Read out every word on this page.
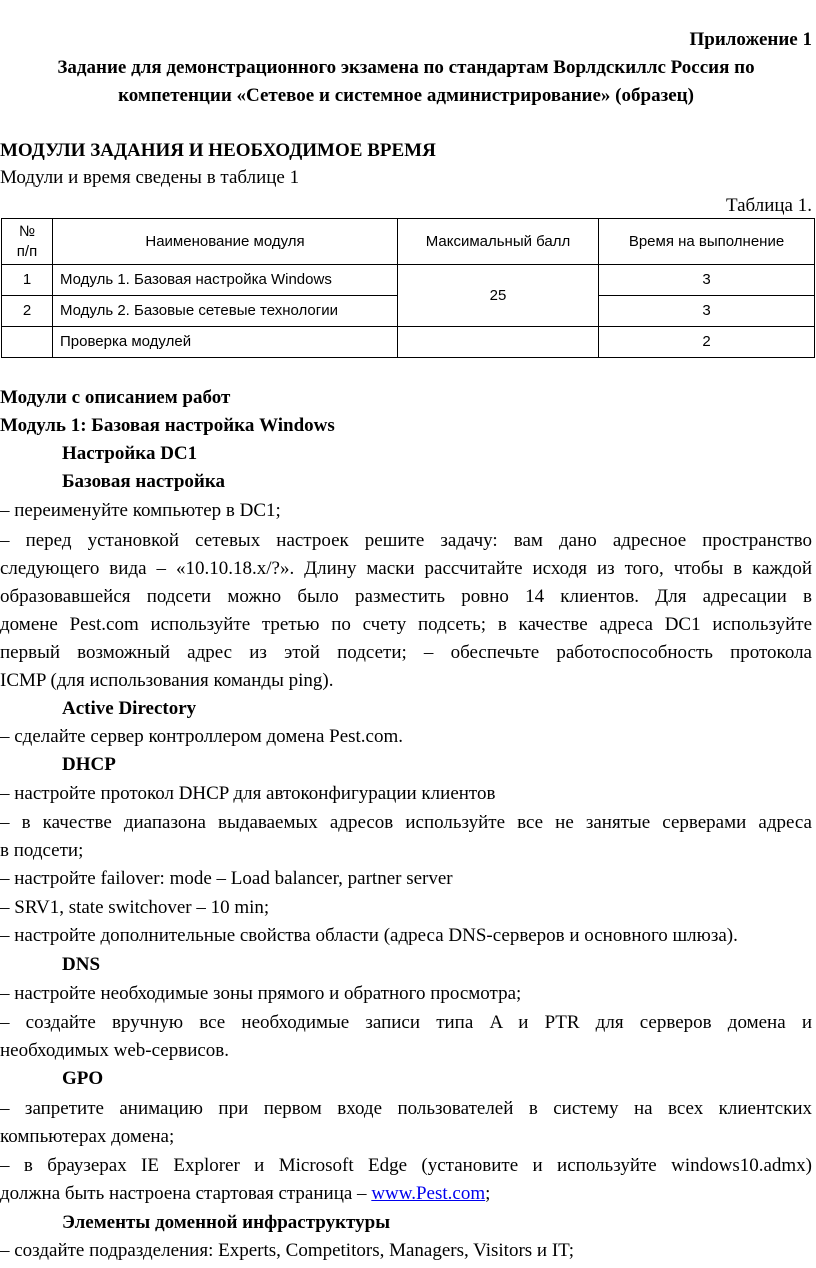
Приложение 1
Задание для демонстрационного экзамена по стандартам Ворлдскиллс Россия по
компетенции «Сетевое и системное администрирование» (образец)
МОДУЛИ ЗАДАНИЯ И НЕОБХОДИМОЕ ВРЕМЯ
Модули и время сведены в таблице 1
Таблица 1.
№
п/п	Наименование модуля	Максимальный балл	Время на выполнение
1	Модуль 1. Базовая настройка Windows	25	3
2	Модуль 2. Базовые сетевые технологии		3
	Проверка модулей		2
Модули с описанием работ
Модуль 1: Базовая настройка Windows
Настройка DC1
Базовая настройка
– переименуйте компьютер в DC1;
– перед установкой сетевых настроек решите задачу: вам дано адресное пространство
следующего вида – «10.10.18.x/?». Длину маски рассчитайте исходя из того, чтобы в каждой
образовавшейся подсети можно было разместить ровно 14 клиентов. Для адресации в
домене Pest.com используйте третью по счету подсеть; в качестве адреса DC1 используйте
первый возможный адрес из этой подсети; – обеспечьте работоспособность протокола
ICMP (для использования команды ping).
Active Directory
– сделайте сервер контроллером домена Pest.com.
DHCP
– настройте протокол DHCP для автоконфигурации клиентов
– в качестве диапазона выдаваемых адресов используйте все не занятые серверами адреса
в подсети;
– настройте failover: mode – Load balancer, partner server
– SRV1, state switchover – 10 min;
– настройте дополнительные свойства области (адреса DNS-серверов и основного шлюза).
DNS
– настройте необходимые зоны прямого и обратного просмотра;
– создайте вручную все необходимые записи типа A и PTR для серверов домена и
необходимых web-сервисов.
GPO
– запретите анимацию при первом входе пользователей в систему на всех клиентских
компьютерах домена;
– в браузерах IE Explorer и Microsoft Edge (установите и используйте windows10.admx)
должна быть настроена стартовая страница – www.Pest.com;
Элементы доменной инфраструктуры
– создайте подразделения: Experts, Competitors, Managers, Visitors и IT;
